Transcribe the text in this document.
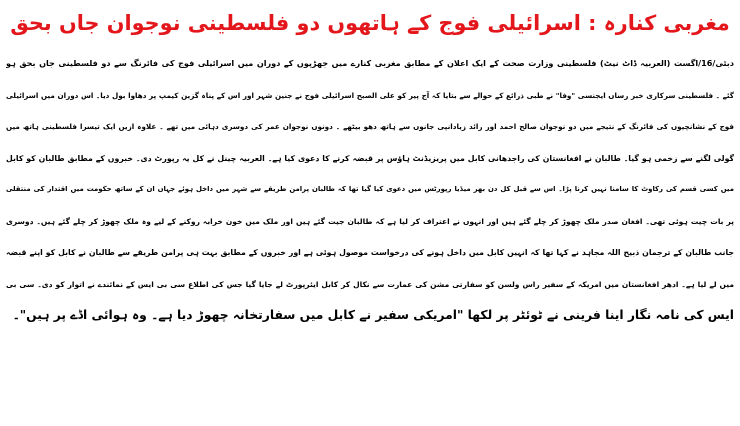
مغربی کنارہ : اسرائیلی فوج کے ہاتھوں دو فلسطینی نوجوان جاں بحق
دبئی/16/اگست (العربیہ ڈاٹ نیٹ) فلسطینی وزارت صحت کے ایک اعلان کے مطابق مغربی کنارے میں جھڑپوں کے دوران میں اسرائیلی فوج کی فائرنگ سے دو فلسطینی جاں بحق ہو
گئے ۔ فلسطینی سرکاری خبر رساں ایجنسی "وفا" نے طبی ذرائع کے حوالے سے بتایا کہ آج پیر کو علی الصبح اسرائیلی فوج نے جنین شہر اور اس کے پناہ گزین کیمپ پر دھاوا بول دیا۔ اس دوران میں اسرائیلی
فوج کے نشانچیوں کی فائرنگ کے نتیجے میں دو نوجوان صالح احمد اور رائد زیادانپی جانوں سے ہاتھ دھو بیٹھے ۔ دونوں نوجوان عمر کی دوسری دہائی میں تھے ۔ علاوہ ازیں ایک تیسرا فلسطینی ہاتھ میں
گولی لگنے سے زخمی ہو گیا۔ طالبان نے افغانستان کی راجدھانی کابل میں پریزیڈنٹ ہاؤس پر قبضہ کرنے کا دعوی کیا ہے۔ العربیہ چینل نے کل یہ رپورٹ دی۔ خبروں کے مطابق طالبان کو کابل
میں کسی قسم کی رکاوٹ کا سامنا نہیں کرنا پڑا۔ اس سے قبل کل دن بھر میڈیا رپورٹس میں دعوی کیا گیا تھا کہ طالبان پرامن طریقے سے شہر میں داخل ہوئے جہاں ان کے ساتھ حکومت میں اقتدار کی منتقلی
پر بات چیت ہوئی تھی۔ افغان صدر ملک چھوڑ کر چلے گئے ہیں اور انہوں نے اعتراف کر لیا ہے کہ طالبان جیت گئے ہیں اور ملک میں خون خرابہ روکنے کے لیے وہ ملک چھوڑ کر چلے گئے ہیں۔ دوسری
جانب طالبان کے ترجمان ذبیح اللہ مجاہد نے کہا تھا کہ انہیں کابل میں داخل ہونے کی درخواست موصول ہوئی ہے اور خبروں کے مطابق بہت ہی پرامن طریقے سے طالبان نے کابل کو اپنے قبضہ
میں لے لیا ہے۔ ادھر افغانستان میں امریکہ کے سفیر راس ولسن کو سفارتی مشن کی عمارت سے نکال کر کابل ایئرپورٹ لے جایا گیا جس کی اطلاع سی بی ایس کے نمائندے نے اتوار کو دی۔ سی بی
ایس کی نامہ نگار اینا فرینی نے ٹوئٹر پر لکھا "امریکی سفیر نے کابل میں سفارتخانہ چھوڑ دیا ہے۔ وہ ہوائی اڈے پر ہیں"۔
